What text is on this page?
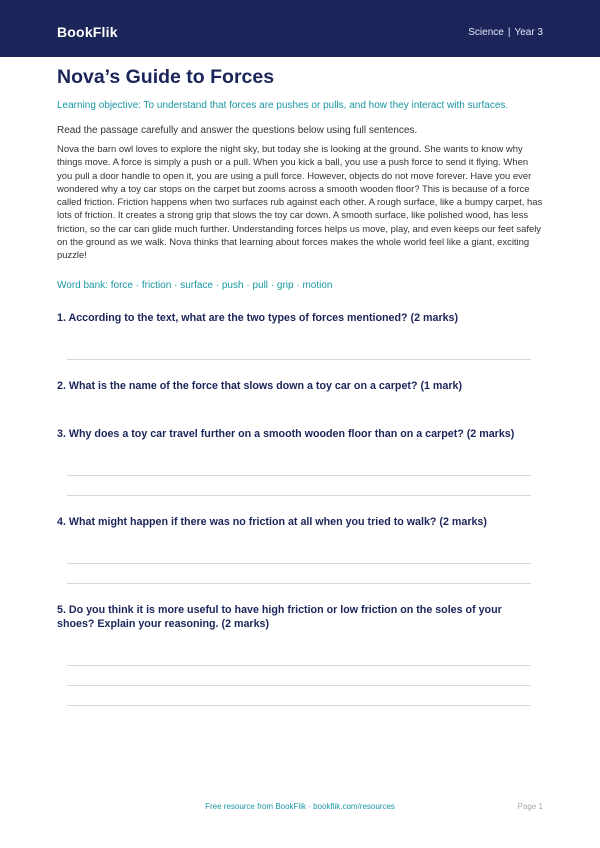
BookFlik	Science | Year 3
Nova’s Guide to Forces
Learning objective: To understand that forces are pushes or pulls, and how they interact with surfaces.
Read the passage carefully and answer the questions below using full sentences.

Nova the barn owl loves to explore the night sky, but today she is looking at the ground. She wants to know why things move. A force is simply a push or a pull. When you kick a ball, you use a push force to send it flying. When you pull a door handle to open it, you are using a pull force. However, objects do not move forever. Have you ever wondered why a toy car stops on the carpet but zooms across a smooth wooden floor? This is because of a force called friction. Friction happens when two surfaces rub against each other. A rough surface, like a bumpy carpet, has lots of friction. It creates a strong grip that slows the toy car down. A smooth surface, like polished wood, has less friction, so the car can glide much further. Understanding forces helps us move, play, and even keeps our feet safely on the ground as we walk. Nova thinks that learning about forces makes the whole world feel like a giant, exciting puzzle!

Word bank: force · friction · surface · push · pull · grip · motion

1. According to the text, what are the two types of forces mentioned? (2 marks)

2. What is the name of the force that slows down a toy car on a carpet? (1 mark)

3. Why does a toy car travel further on a smooth wooden floor than on a carpet? (2 marks)

4. What might happen if there was no friction at all when you tried to walk? (2 marks)

5. Do you think it is more useful to have high friction or low friction on the soles of your shoes? Explain your reasoning. (2 marks)

Free resource from BookFlik · bookflik.com/resources	Page 1
